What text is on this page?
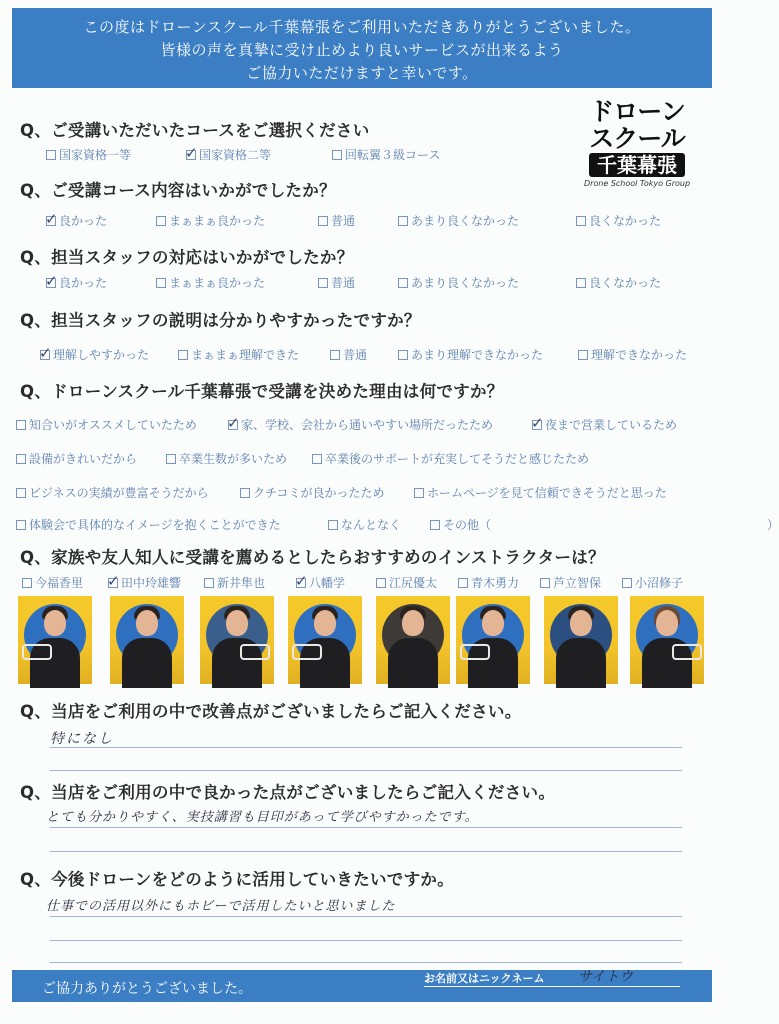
この度はドローンスクール千葉幕張をご利用いただきありがとうございました。
皆様の声を真摯に受け止めより良いサービスが出来るよう
ご協力いただけますと幸いです。
ドローン
スクール
千葉幕張
Drone School Tokyo Group
Q、ご受講いただいたコースをご選択ください
国家資格一等 ✓	国家資格二等	回転翼３級コース
Q、ご受講コース内容はいかがでしたか？
✓良かった	まぁまぁ良かった	普通	あまり良くなかった	良くなかった
Q、担当スタッフの対応はいかがでしたか？
✓良かった	まぁまぁ良かった	普通	あまり良くなかった	良くなかった
Q、担当スタッフの説明は分かりやすかったですか？
✓理解しやすかった	まぁまぁ理解できた	普通	あまり理解できなかった	理解できなかった
Q、ドローンスクール千葉幕張で受講を決めた理由は何ですか？
知合いがオススメしていたため ✓	家、学校、会社から通いやすい場所だったため ✓	夜まで営業しているため
設備がきれいだから	卒業生数が多いため	卒業後のサポートが充実してそうだと感じたため
ビジネスの実績が豊富そうだから	クチコミが良かったため	ホームページを見て信頼できそうだと思った
体験会で具体的なイメージを抱くことができた	なんとなく	その他（　　　　　　　　　　　　　　　　　　　　　　　）
Q、家族や友人知人に受講を薦めるとしたらおすすめのインストラクターは？
今福香里 ✓	田中玲雄響	新井隼也 ✓	八幡学	江尻優太	青木勇力	芦立智保	小沼修子
Q、当店をご利用の中で改善点がございましたらご記入ください。
特になし
Q、当店をご利用の中で良かった点がございましたらご記入ください。
とても分かりやすく、実技講習も目印があって学びやすかったです。
Q、今後ドローンをどのように活用していきたいですか。
仕事での活用以外にもホビーで活用したいと思いました
ご協力ありがとうございました。
お名前又はニックネーム サイトウ
